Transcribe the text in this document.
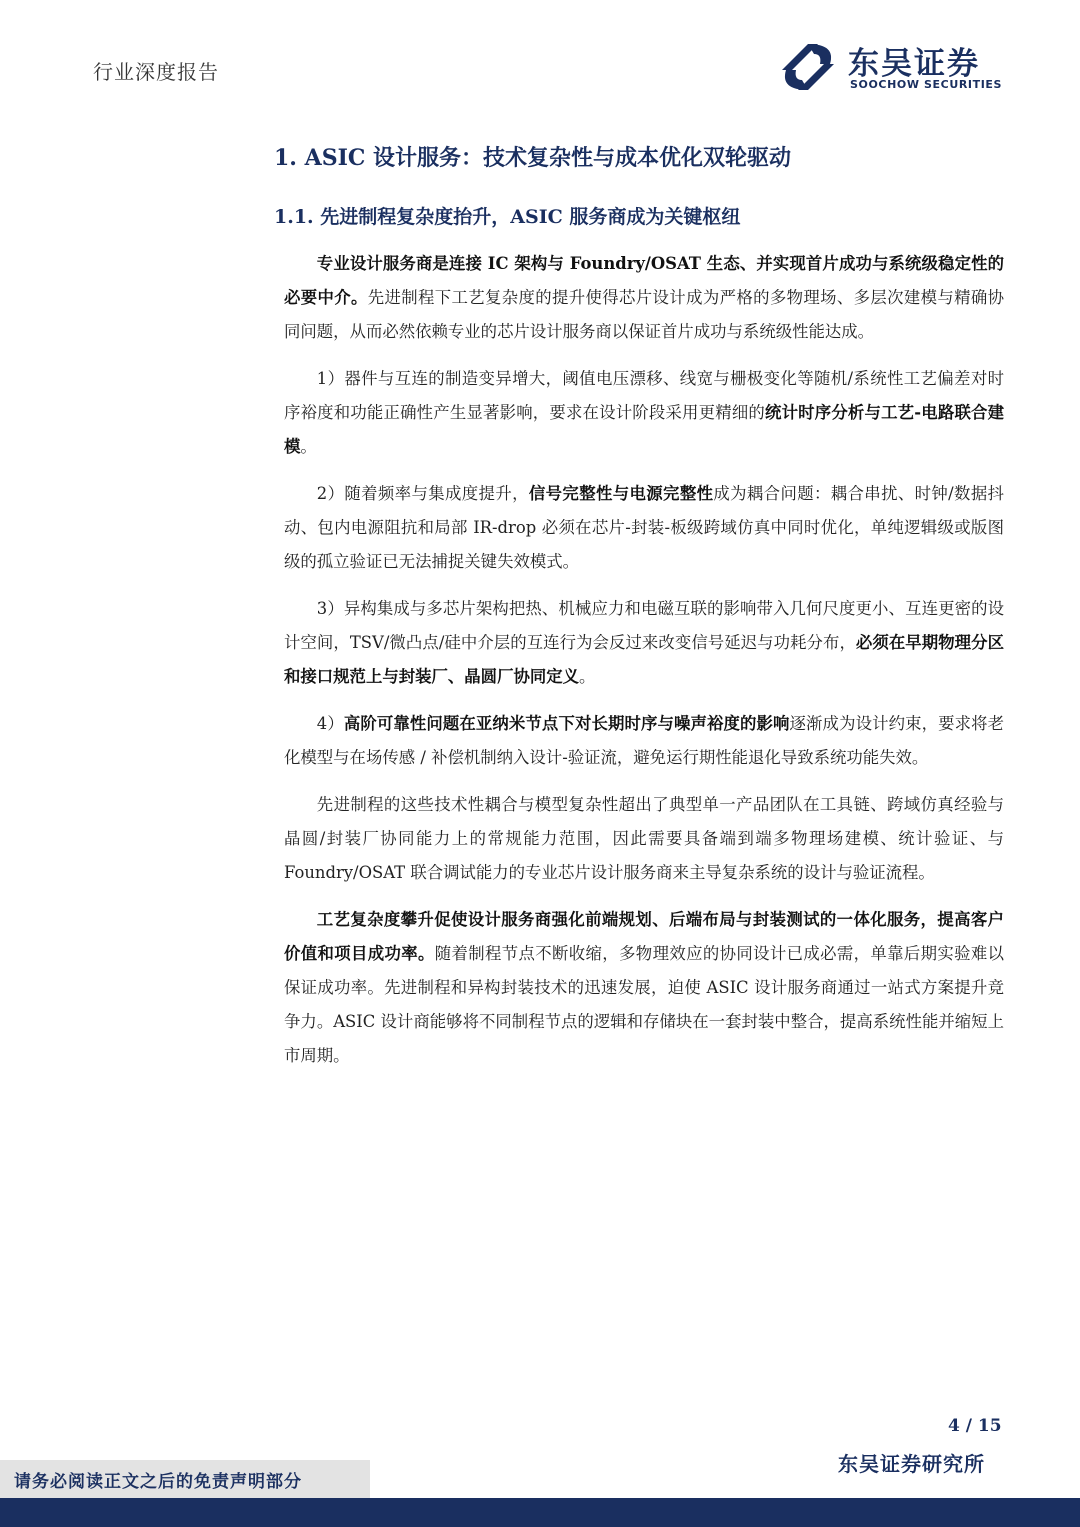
行业深度报告	东吴证券
SOOCHOW SECURITIES
1. ASIC 设计服务：技术复杂性与成本优化双轮驱动
1.1. 先进制程复杂度抬升，ASIC 服务商成为关键枢纽

专业设计服务商是连接 IC 架构与 Foundry/OSAT 生态、并实现首片成功与系统级稳定性的必要中介。先进制程下工艺复杂度的提升使得芯片设计成为严格的多物理场、多层次建模与精确协同问题，从而必然依赖专业的芯片设计服务商以保证首片成功与系统级性能达成。

1）器件与互连的制造变异增大，阈值电压漂移、线宽与栅极变化等随机/系统性工艺偏差对时序裕度和功能正确性产生显著影响，要求在设计阶段采用更精细的统计时序分析与工艺-电路联合建模。

2）随着频率与集成度提升，信号完整性与电源完整性成为耦合问题：耦合串扰、时钟/数据抖动、包内电源阻抗和局部 IR-drop 必须在芯片-封装-板级跨域仿真中同时优化，单纯逻辑级或版图级的孤立验证已无法捕捉关键失效模式。

3）异构集成与多芯片架构把热、机械应力和电磁互联的影响带入几何尺度更小、互连更密的设计空间，TSV/微凸点/硅中介层的互连行为会反过来改变信号延迟与功耗分布，必须在早期物理分区和接口规范上与封装厂、晶圆厂协同定义。

4）高阶可靠性问题在亚纳米节点下对长期时序与噪声裕度的影响逐渐成为设计约束，要求将老化模型与在场传感 / 补偿机制纳入设计-验证流，避免运行期性能退化导致系统功能失效。

先进制程的这些技术性耦合与模型复杂性超出了典型单一产品团队在工具链、跨域仿真经验与晶圆/封装厂协同能力上的常规能力范围，因此需要具备端到端多物理场建模、统计验证、与 Foundry/OSAT 联合调试能力的专业芯片设计服务商来主导复杂系统的设计与验证流程。

工艺复杂度攀升促使设计服务商强化前端规划、后端布局与封装测试的一体化服务，提高客户价值和项目成功率。随着制程节点不断收缩，多物理效应的协同设计已成必需，单靠后期实验难以保证成功率。先进制程和异构封装技术的迅速发展，迫使 ASIC 设计服务商通过一站式方案提升竞争力。ASIC 设计商能够将不同制程节点的逻辑和存储块在一套封装中整合，提高系统性能并缩短上市周期。

4 / 15
东吴证券研究所
请务必阅读正文之后的免责声明部分
